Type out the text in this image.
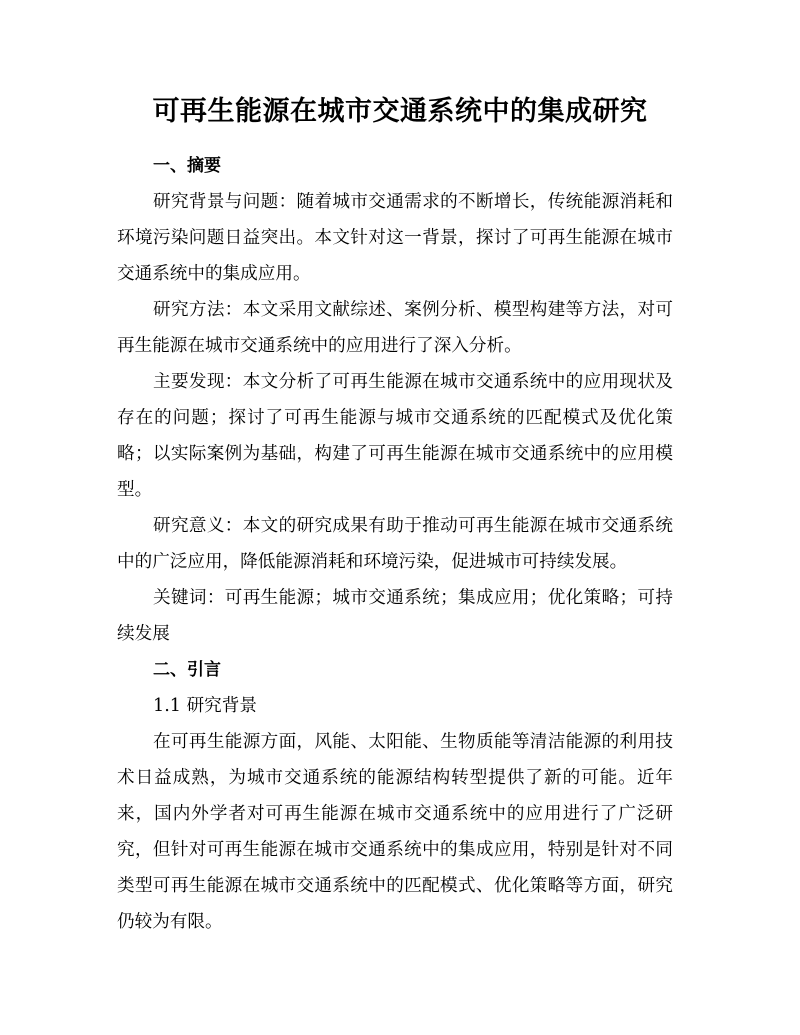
可再生能源在城市交通系统中的集成研究

一、摘要

研究背景与问题：随着城市交通需求的不断增长，传统能源消耗和环境污染问题日益突出。本文针对这一背景，探讨了可再生能源在城市交通系统中的集成应用。

研究方法：本文采用文献综述、案例分析、模型构建等方法，对可再生能源在城市交通系统中的应用进行了深入分析。

主要发现：本文分析了可再生能源在城市交通系统中的应用现状及存在的问题；探讨了可再生能源与城市交通系统的匹配模式及优化策略；以实际案例为基础，构建了可再生能源在城市交通系统中的应用模型。

研究意义：本文的研究成果有助于推动可再生能源在城市交通系统中的广泛应用，降低能源消耗和环境污染，促进城市可持续发展。

关键词：可再生能源；城市交通系统；集成应用；优化策略；可持续发展

二、引言

1.1 研究背景

在可再生能源方面，风能、太阳能、生物质能等清洁能源的利用技术日益成熟，为城市交通系统的能源结构转型提供了新的可能。近年来，国内外学者对可再生能源在城市交通系统中的应用进行了广泛研究，但针对可再生能源在城市交通系统中的集成应用，特别是针对不同类型可再生能源在城市交通系统中的匹配模式、优化策略等方面，研究仍较为有限。
